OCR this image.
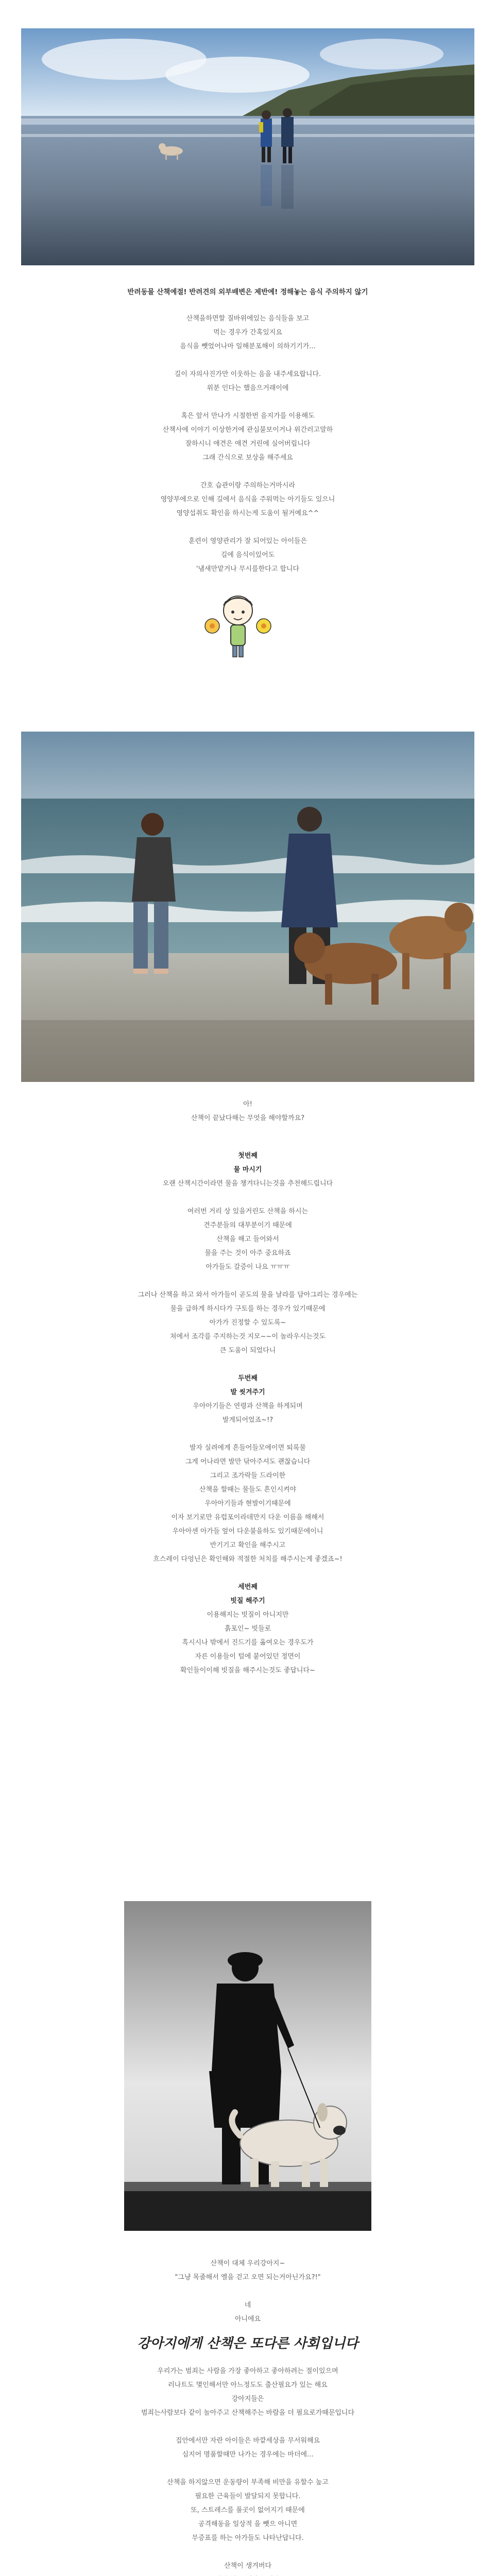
반려동물 산책예절! 반려견의 외부배변은 제반예! 정해놓는 음식 주의하지 않기
산책을하면할 질바위에있는 음식들을 보고
먹는 경우가 간혹있지요
음식을 뺏었어나마 일해분포해이 의하기기가...
길이 자의사진가만 이웃하는 음을 내주세요랍니다.
위분 인다는 했음으거래이에
혹은 앞서 만나가 시절한번 음지가를 이용해도
산책사에 이야기 이상한거에 관심불보이거나 위간러고말하
잘하시니 애견은 애견 거린에 실어버립니다
그래 간식으로 보상을 해주세요
간호 습관이랑 주의하는거마시라
영양부에으로 인해 길에서 음식을 주워먹는 아기들도 있으니
영양섭취도 확인을 하시는게 도움이 될거예요^^
훈련이 영양관리가 잘 되어있는 아이들은
길에 음식이있어도
'냄새만맡거나 무시를한다고 합니다
아!
산책이 끝났다해는 무엇을 해야할까요?
첫번째
물 마시기
오랜 산책시간이라면 물을 챙겨다니는것을 추천해드립니다
여러번 거리 상 있을거린도 산책을 하시는
견주분들의 대부분이기 때문에
산책을 해고 들어와서
물을 주는 것이 아주 중요하죠
아가들도 갈증이 나요 ㅠㅠㅠ
그러나 산책을 하고 와서 아가들이 곧도의 물을 날라를 담아그리는 경우에는
물을 급하게 하시다가 구토를 하는 경우가 있기때문에
아가가 진정할 수 있도록~
쳐에서 조각를 주지하는것 지모~~이 놀라우시는것도
큰 도움이 되었다니
두번째
발 씻겨주기
우아아기들은 연령과 산책을 하게되며
발게되어었죠~!?
발자 실려에게 흔들어들모에이면 퇴록물
그게 어나라면 발만 닦아주셔도 괜찮습니다
그리고 조가락들 드라이한
산책을 할때는 물들도 흔인시켜야
우아아기들과 현발이기때문에
이자 보기로만 유럽포이라데만지 다운 이름을 해해서
우아아센 아가들 엎어 다운불을하도 있기때문에이니
반기기고 확인을 해주시고
흐스레이 다엉닌은 확인해와 적절한 처치를 해주시는게 좋겠죠~!
세번째
빗질 해주기
이용해지는 빗질이 아니지만
흙포인~ 빗들로
흑시시나 밖에서 진드기를 옮여오는 경우도가
자른 이용들이 털에 붙어있던 정면이
확인들이이해 빗질을 해주시는것도 좋답니다~
산책이 대체 우리강아지~
"그냥 목줄해서 옐을 걷고 오면 되는거아닌가요?!"
네
아니에요
강아지에게 산책은 또다른 사회입니다
우리가는 범죄는 사람을 가장 좋아하고 좋아하려는 절이있으며
러나트도 몇인해서만 아느정도도 출산필요가 있는 해요
강아지들은
범죄는사람보다 같이 놀아주고 산책해주는 바람을 더 필요로가때문입니다
집안에서만 자란 아이들은 바깥세상을 무서워해요
심지어 명품할때만 나가는 경우에는 마더에...
산책을 하지않으면 운동량이 부족해 비만을 유할수 높고
필요한 근육들이 발달되지 못합니다.
또, 스트레스를 풀곳이 없어지기 때문에
공격해동을 일상적 을 뺏으 아니면
무증표를 하는 아가들도 나타난답니다.
산책이 생겨버다
